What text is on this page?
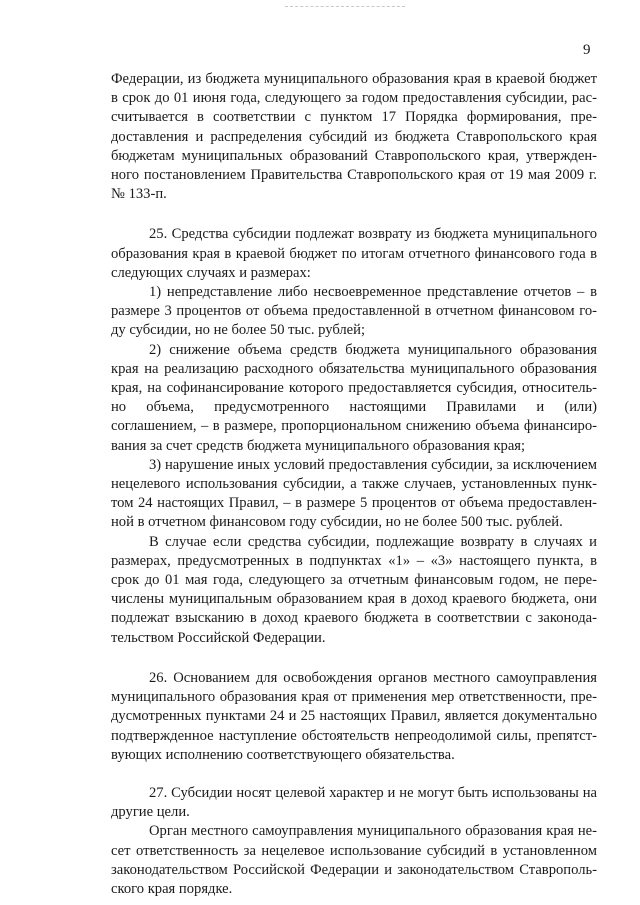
9

Федерации, из бюджета муниципального образования края в краевой бюджет

в срок до 01 июня года, следующего за годом предоставления субсидии, рас-

считывается в соответствии с пунктом 17 Порядка формирования, пре-

доставления и распределения субсидий из бюджета Ставропольского края

бюджетам муниципальных образований Ставропольского края, утвержден-

ного постановлением Правительства Ставропольского края от 19 мая 2009 г.

№ 133-п.

25. Средства субсидии подлежат возврату из бюджета муниципального

образования края в краевой бюджет по итогам отчетного финансового года в

следующих случаях и размерах:

1) непредставление либо несвоевременное представление отчетов – в

размере 3 процентов от объема предоставленной в отчетном финансовом го-

ду субсидии, но не более 50 тыс. рублей;

2) снижение объема средств бюджета муниципального образования

края на реализацию расходного обязательства муниципального образования

края, на софинансирование которого предоставляется субсидия, относитель-

но объема, предусмотренного настоящими Правилами и (или)

соглашением, – в размере, пропорциональном снижению объема финансиро-

вания за счет средств бюджета муниципального образования края;

3) нарушение иных условий предоставления субсидии, за исключением

нецелевого использования субсидии, а также случаев, установленных пунк-

том 24 настоящих Правил, – в размере 5 процентов от объема предоставлен-

ной в отчетном финансовом году субсидии, но не более 500 тыс. рублей.

В случае если средства субсидии, подлежащие возврату в случаях и

размерах, предусмотренных в подпунктах «1» – «3» настоящего пункта, в

срок до 01 мая года, следующего за отчетным финансовым годом, не пере-

числены муниципальным образованием края в доход краевого бюджета, они

подлежат взысканию в доход краевого бюджета в соответствии с законода-

тельством Российской Федерации.

26. Основанием для освобождения органов местного самоуправления

муниципального образования края от применения мер ответственности, пре-

дусмотренных пунктами 24 и 25 настоящих Правил, является документально

подтвержденное наступление обстоятельств непреодолимой силы, препятст-

вующих исполнению соответствующего обязательства.

27. Субсидии носят целевой характер и не могут быть использованы на

другие цели.

Орган местного самоуправления муниципального образования края не-

сет ответственность за нецелевое использование субсидий в установленном

законодательством Российской Федерации и законодательством Ставрополь-

ского края порядке.
